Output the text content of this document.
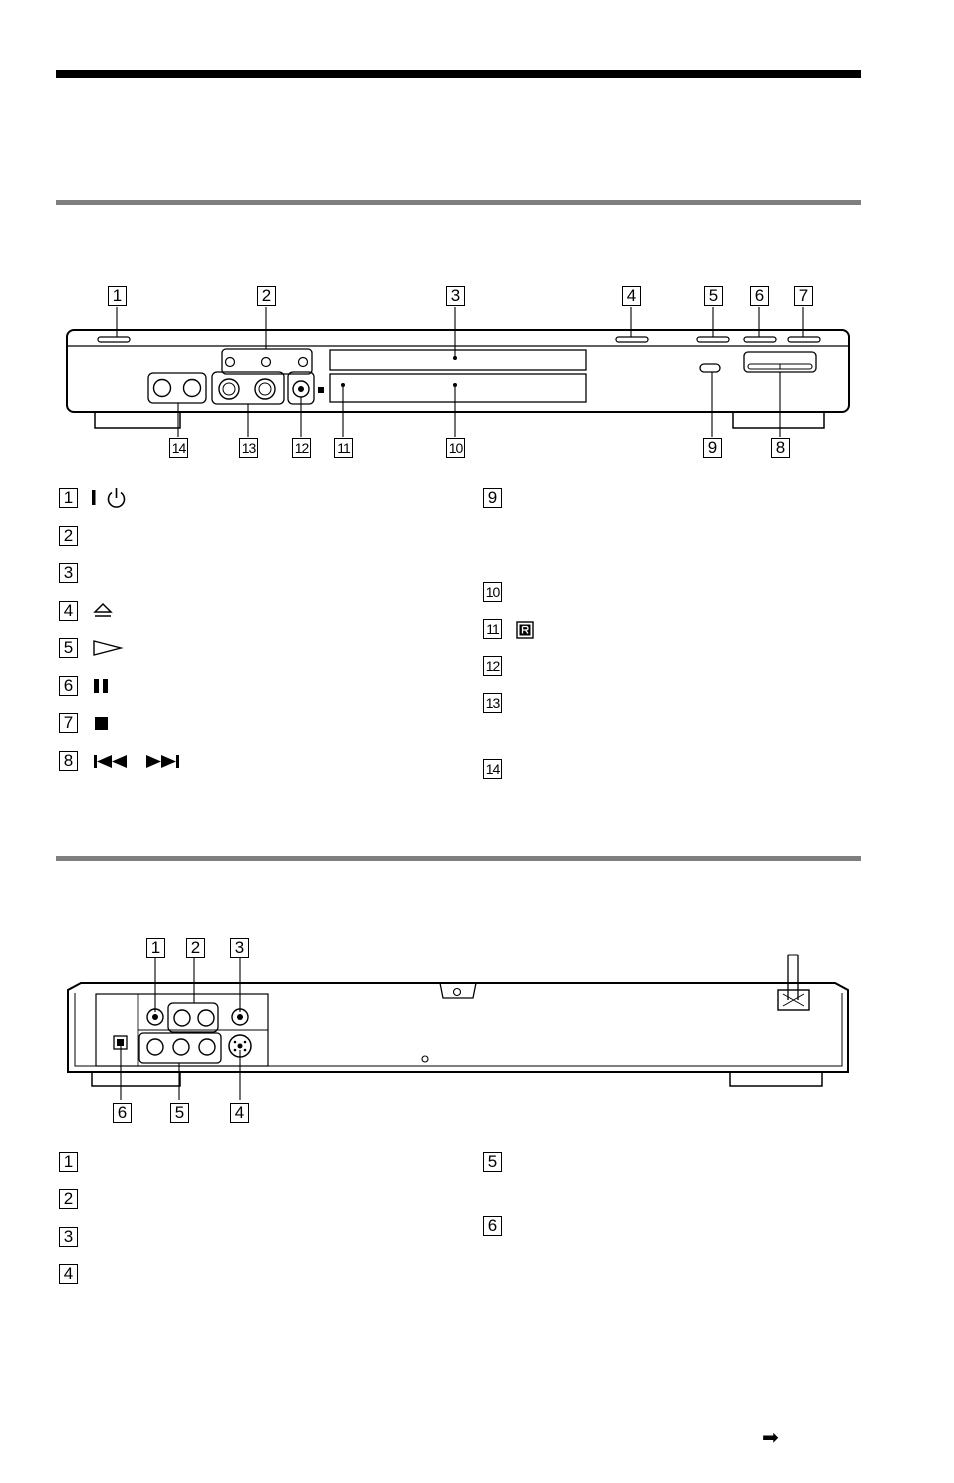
1	2	3	4	5 6 7
14	13	12 11	10	9	8
1
2
3
4
5
6
7
8
9
10
11
12
13
14
1 2 3
6	5	4
1
2
3
4
5
6
➡
